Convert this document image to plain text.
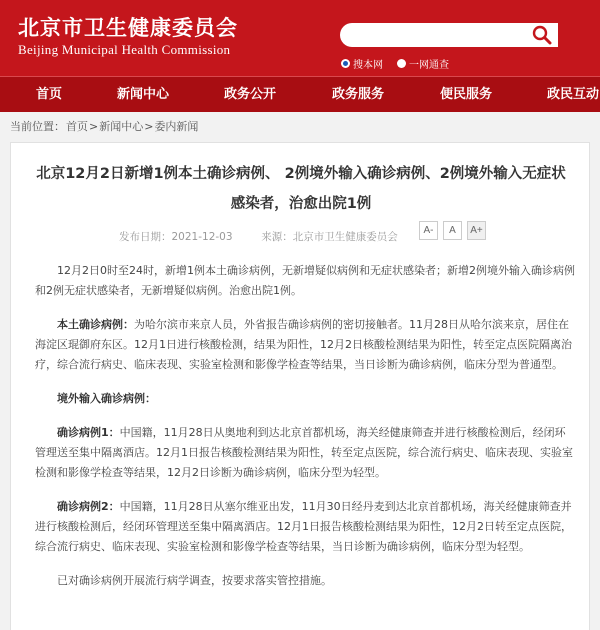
北京市卫生健康委员会
Beijing Municipal Health Commission
搜本网	一网通查
首页	新闻中心	政务公开	政务服务	便民服务	政民互动
当前位置： 首页 > 新闻中心 > 委内新闻
北京12月2日新增1例本土确诊病例、 2例境外输入确诊病例、2例境外输入无症状感染者，治愈出院1例
发布日期：2021-12-03	来源：北京市卫生健康委员会
A-	A	A+

12月2日0时至24时，新增1例本土确诊病例，无新增疑似病例和无症状感染者；新增2例境外输入确诊病例和2例无症状感染者，无新增疑似病例。治愈出院1例。

本土确诊病例：为哈尔滨市来京人员，外省报告确诊病例的密切接触者。11月28日从哈尔滨来京，居住在海淀区琨御府东区。12月1日进行核酸检测，结果为阳性，12月2日核酸检测结果为阳性，转至定点医院隔离治疗，综合流行病史、临床表现、实验室检测和影像学检查等结果，当日诊断为确诊病例，临床分型为普通型。

境外输入确诊病例：

确诊病例1：中国籍，11月28日从奥地利到达北京首都机场，海关经健康筛查并进行核酸检测后，经闭环管理送至集中隔离酒店。12月1日报告核酸检测结果为阳性，转至定点医院，综合流行病史、临床表现、实验室检测和影像学检查等结果，12月2日诊断为确诊病例，临床分型为轻型。

确诊病例2：中国籍，11月28日从塞尔维亚出发，11月30日经丹麦到达北京首都机场，海关经健康筛查并进行核酸检测后，经闭环管理送至集中隔离酒店。12月1日报告核酸检测结果为阳性，12月2日转至定点医院，综合流行病史、临床表现、实验室检测和影像学检查等结果，当日诊断为确诊病例，临床分型为轻型。

已对确诊病例开展流行病学调查，按要求落实管控措施。
